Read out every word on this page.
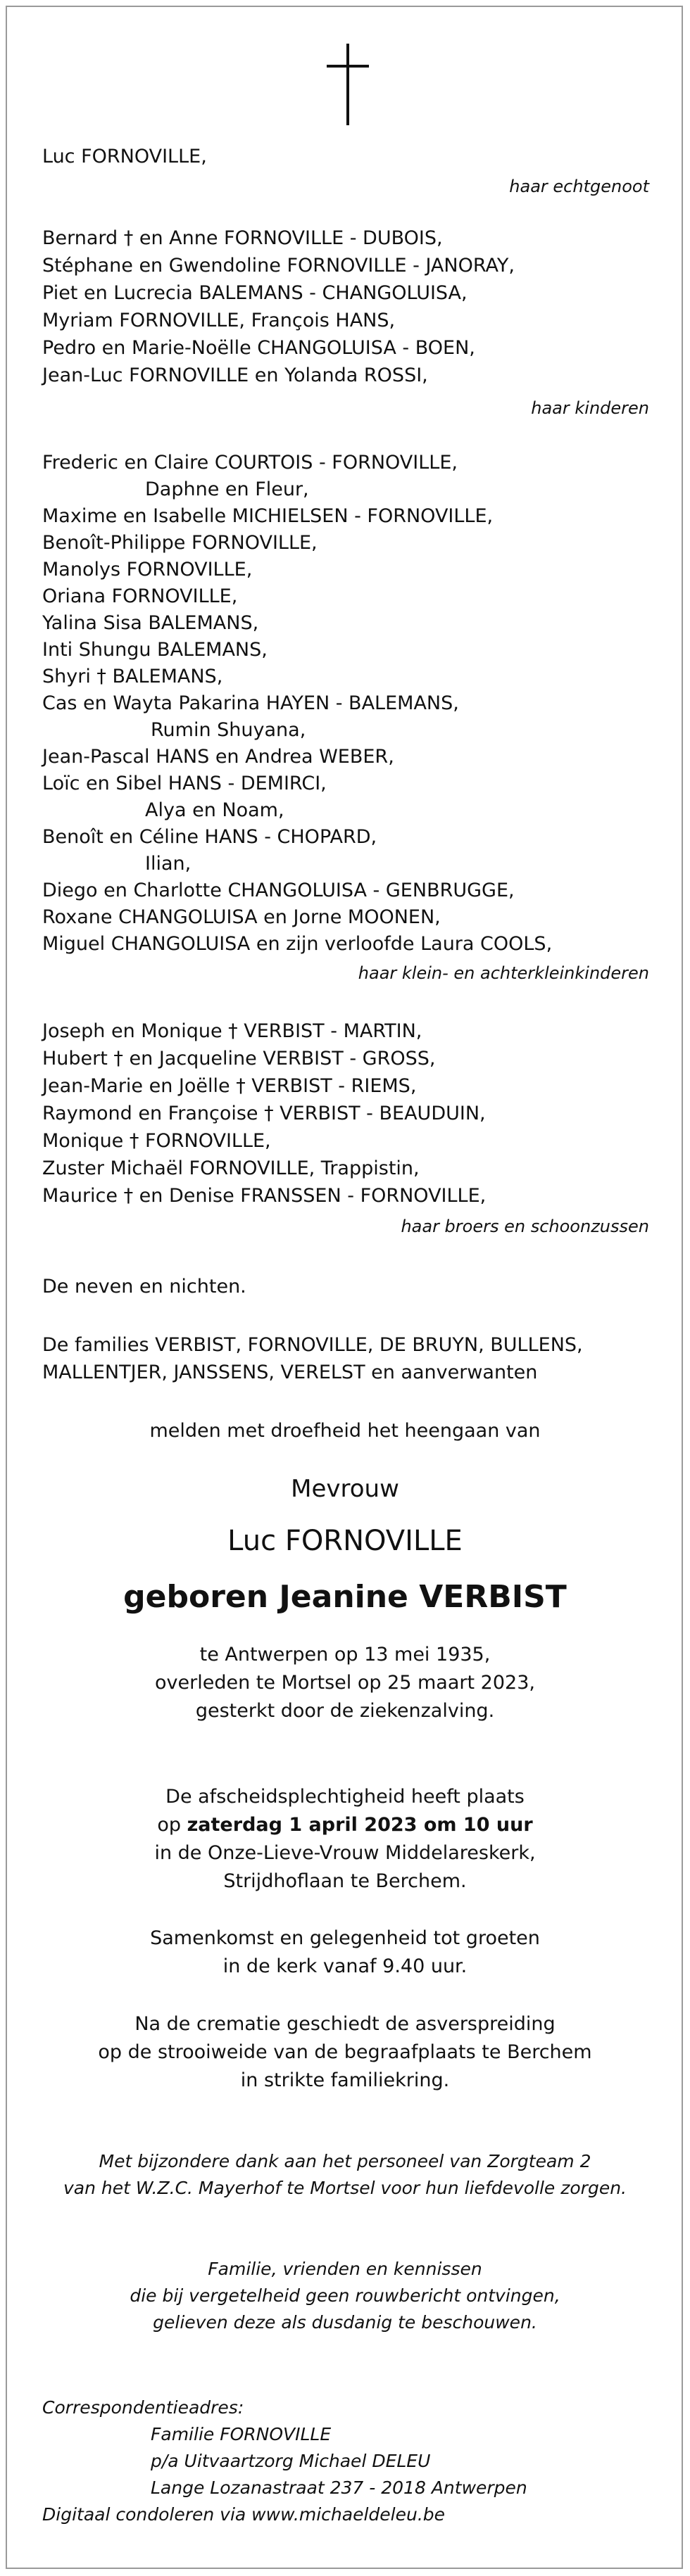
Luc FORNOVILLE,
haar echtgenoot
Bernard † en Anne FORNOVILLE - DUBOIS,
Stéphane en Gwendoline FORNOVILLE - JANORAY,
Piet en Lucrecia BALEMANS - CHANGOLUISA,
Myriam FORNOVILLE, François HANS,
Pedro en Marie-Noëlle CHANGOLUISA - BOEN,
Jean-Luc FORNOVILLE en Yolanda ROSSI,
haar kinderen
Frederic en Claire COURTOIS - FORNOVILLE,
Daphne en Fleur,
Maxime en Isabelle MICHIELSEN - FORNOVILLE,
Benoît-Philippe FORNOVILLE,
Manolys FORNOVILLE,
Oriana FORNOVILLE,
Yalina Sisa BALEMANS,
Inti Shungu BALEMANS,
Shyri † BALEMANS,
Cas en Wayta Pakarina HAYEN - BALEMANS,
Rumin Shuyana,
Jean-Pascal HANS en Andrea WEBER,
Loïc en Sibel HANS - DEMIRCI,
Alya en Noam,
Benoît en Céline HANS - CHOPARD,
Ilian,
Diego en Charlotte CHANGOLUISA - GENBRUGGE,
Roxane CHANGOLUISA en Jorne MOONEN,
Miguel CHANGOLUISA en zijn verloofde Laura COOLS,
haar klein- en achterkleinkinderen
Joseph en Monique † VERBIST - MARTIN,
Hubert † en Jacqueline VERBIST - GROSS,
Jean-Marie en Joëlle † VERBIST - RIEMS,
Raymond en Françoise † VERBIST - BEAUDUIN,
Monique † FORNOVILLE,
Zuster Michaël FORNOVILLE, Trappistin,
Maurice † en Denise FRANSSEN - FORNOVILLE,
haar broers en schoonzussen
De neven en nichten.
De families VERBIST, FORNOVILLE, DE BRUYN, BULLENS,
MALLENTJER, JANSSENS, VERELST en aanverwanten
melden met droefheid het heengaan van
Mevrouw
Luc FORNOVILLE
geboren Jeanine VERBIST
te Antwerpen op 13 mei 1935,
overleden te Mortsel op 25 maart 2023,
gesterkt door de ziekenzalving.
De afscheidsplechtigheid heeft plaats
op zaterdag 1 april 2023 om 10 uur
in de Onze-Lieve-Vrouw Middelareskerk,
Strijdhoflaan te Berchem.
Samenkomst en gelegenheid tot groeten
in de kerk vanaf 9.40 uur.
Na de crematie geschiedt de asverspreiding
op de strooiweide van de begraafplaats te Berchem
in strikte familiekring.
Met bijzondere dank aan het personeel van Zorgteam 2
van het W.Z.C. Mayerhof te Mortsel voor hun liefdevolle zorgen.
Familie, vrienden en kennissen
die bij vergetelheid geen rouwbericht ontvingen,
gelieven deze als dusdanig te beschouwen.
Correspondentieadres:
Familie FORNOVILLE
p/a Uitvaartzorg Michael DELEU
Lange Lozanastraat 237 - 2018 Antwerpen
Digitaal condoleren via www.michaeldeleu.be
